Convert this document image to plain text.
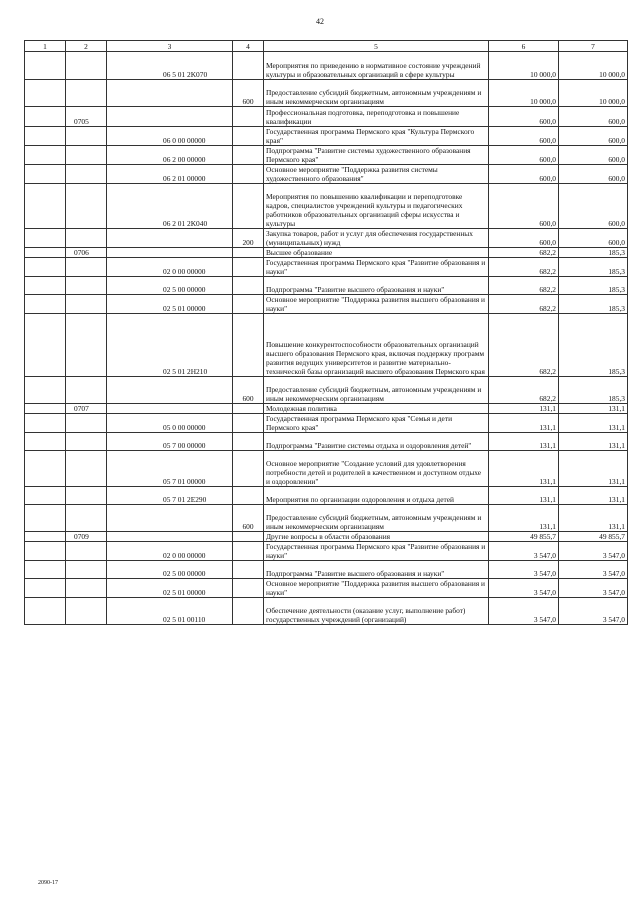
42
1	2	3	4	5	6	7
		06 5 01 2K070		Мероприятия по приведению в нормативное состояние учреждений культуры и образовательных организаций в сфере культуры	10 000,0	10 000,0
			600	Предоставление субсидий бюджетным, автономным учреждениям и иным некоммерческим организациям	10 000,0	10 000,0
	0705			Профессиональная подготовка, переподготовка и повышение квалификации	600,0	600,0
		06 0 00 00000		Государственная программа Пермского края "Культура Пермского края"	600,0	600,0
		06 2 00 00000		Подпрограмма "Развитие системы художественного образования Пермского края"	600,0	600,0
		06 2 01 00000		Основное мероприятие "Поддержка развития системы художественного образования"	600,0	600,0
		06 2 01 2K040		Мероприятия по повышению квалификации и переподготовке кадров, специалистов учреждений культуры и педагогических работников образовательных организаций сферы искусства и культуры	600,0	600,0
			200	Закупка товаров, работ и услуг для обеспечения государственных (муниципальных) нужд	600,0	600,0
	0706			Высшее образование	682,2	185,3
		02 0 00 00000		Государственная программа Пермского края "Развитие образования и науки"	682,2	185,3
		02 5 00 00000		Подпрограмма "Развитие высшего образования и науки"	682,2	185,3
		02 5 01 00000		Основное мероприятие "Поддержка развития высшего образования и науки"	682,2	185,3
		02 5 01 2H210		Повышение конкурентоспособности образовательных организаций высшего образования Пермского края, включая поддержку программ развития ведущих университетов и развитие материально-технической базы организаций высшего образования Пермского края	682,2	185,3
			600	Предоставление субсидий бюджетным, автономным учреждениям и иным некоммерческим организациям	682,2	185,3
	0707			Молодежная политика	131,1	131,1
		05 0 00 00000		Государственная программа Пермского края "Семья и дети Пермского края"	131,1	131,1
		05 7 00 00000		Подпрограмма "Развитие системы отдыха и оздоровления детей"	131,1	131,1
		05 7 01 00000		Основное мероприятие "Создание условий для удовлетворения потребности детей и родителей в качественном и доступном отдыхе и оздоровлении"	131,1	131,1
		05 7 01 2E290		Мероприятия по организации оздоровления и отдыха детей	131,1	131,1
			600	Предоставление субсидий бюджетным, автономным учреждениям и иным некоммерческим организациям	131,1	131,1
	0709			Другие вопросы в области образования	49 855,7	49 855,7
		02 0 00 00000		Государственная программа Пермского края "Развитие образования и науки"	3 547,0	3 547,0
		02 5 00 00000		Подпрограмма "Развитие высшего образования и науки"	3 547,0	3 547,0
		02 5 01 00000		Основное мероприятие "Поддержка развития высшего образования и науки"	3 547,0	3 547,0
		02 5 01 00110		Обеспечение деятельности (оказание услуг, выполнение работ) государственных учреждений (организаций)	3 547,0	3 547,0
2090-17
